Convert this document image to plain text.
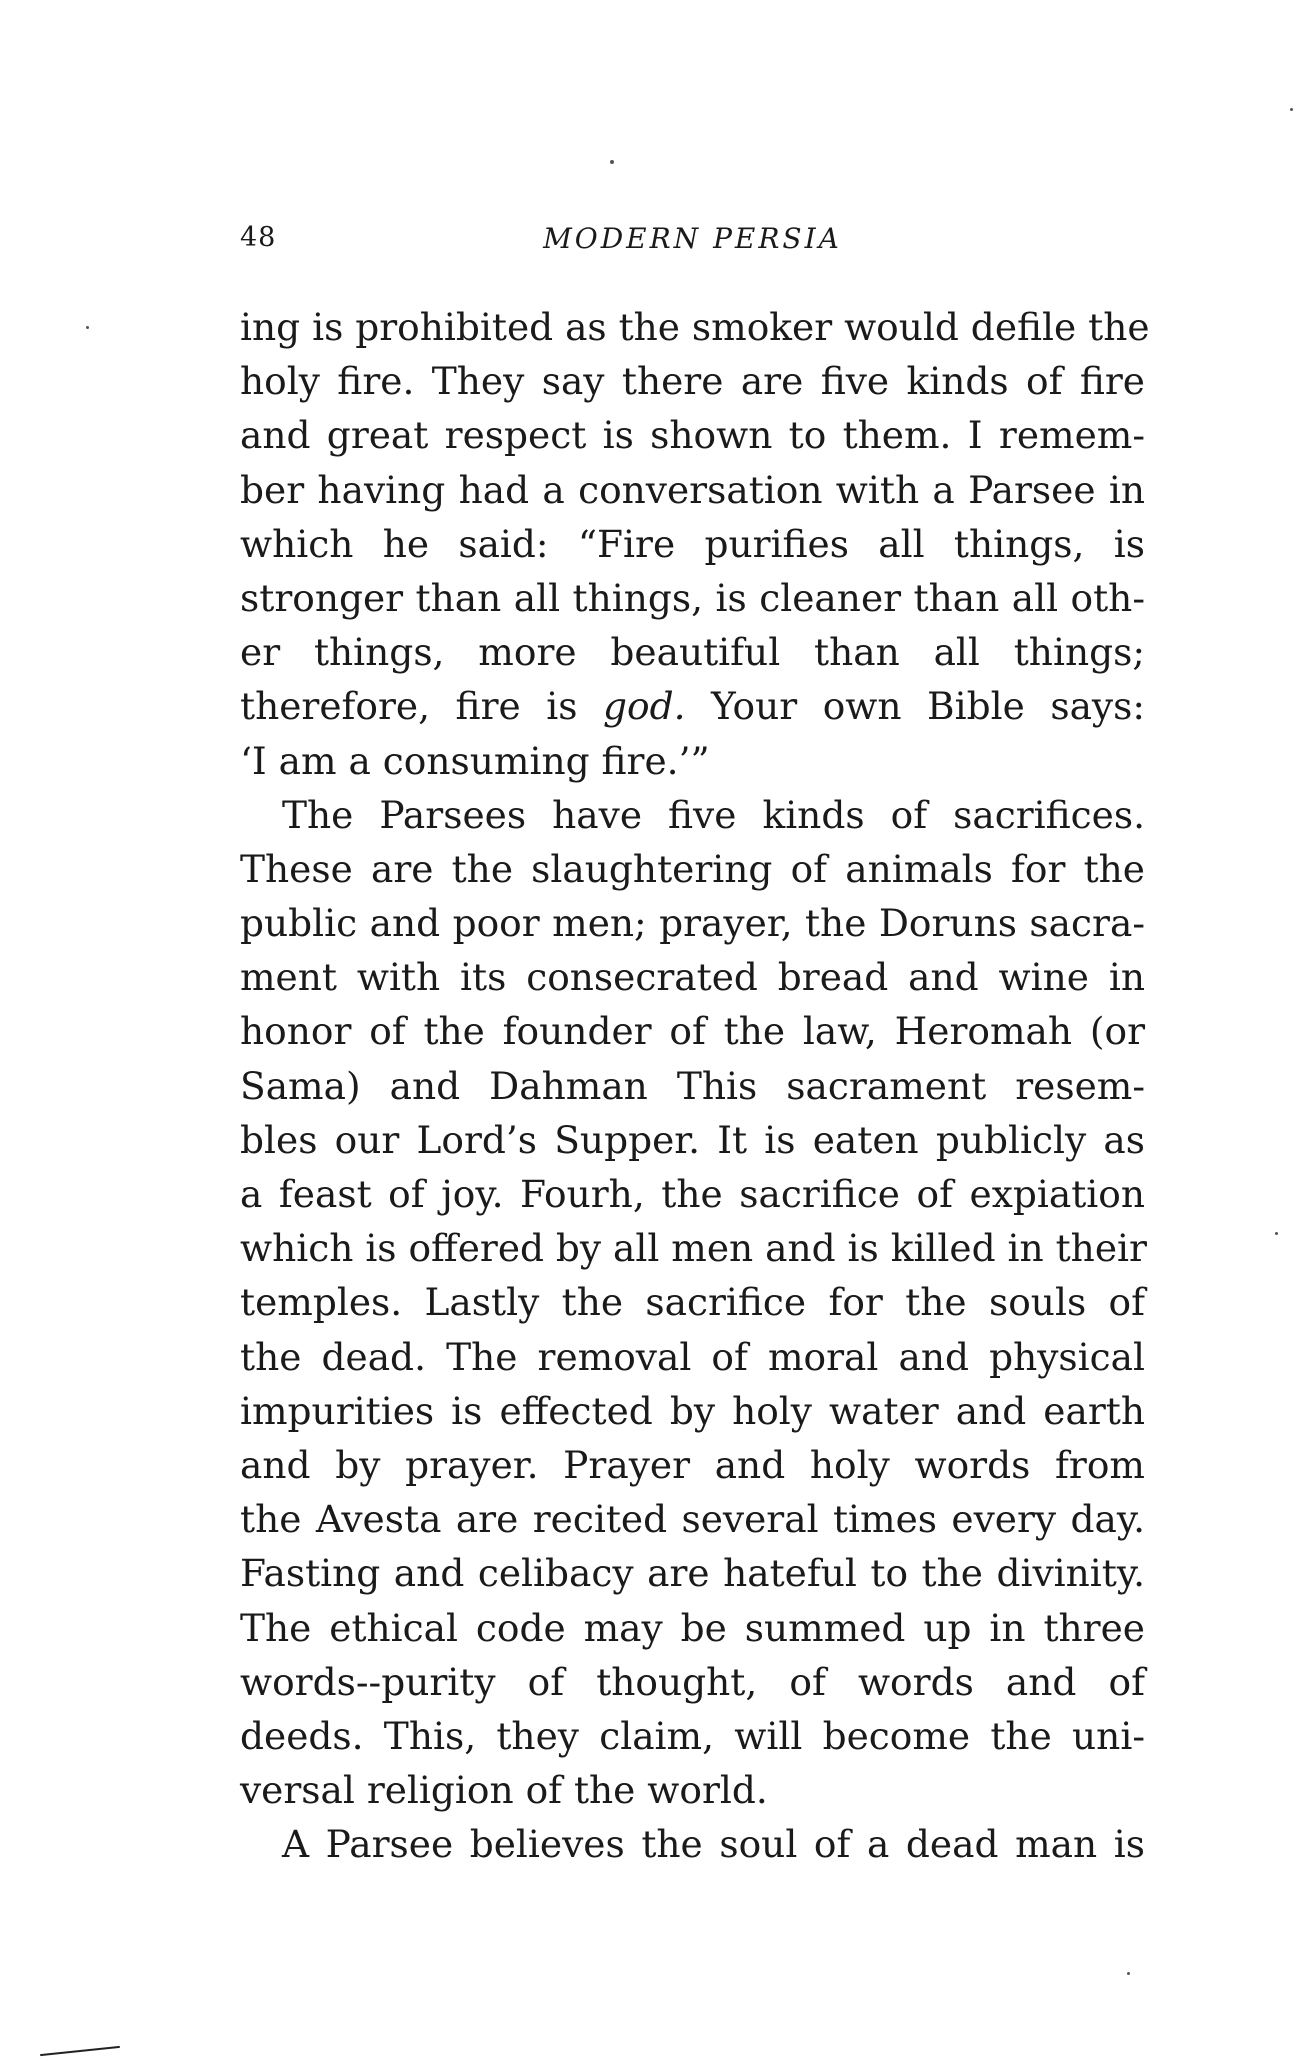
48	MODERN PERSIA
ing is prohibited as the smoker would defile the
holy fire. They say there are five kinds of fire
and great respect is shown to them. I remem-
ber having had a conversation with a Parsee in
which he said: “Fire purifies all things, is
stronger than all things, is cleaner than all oth-
er things, more beautiful than all things;
therefore, fire is god. Your own Bible says:
‘I am a consuming fire.’”
The Parsees have five kinds of sacrifices.
These are the slaughtering of animals for the
public and poor men; prayer, the Doruns sacra-
ment with its consecrated bread and wine in
honor of the founder of the law, Heromah (or
Sama) and Dahman This sacrament resem-
bles our Lord’s Supper. It is eaten publicly as
a feast of joy. Fourh, the sacrifice of expiation
which is offered by all men and is killed in their
temples. Lastly the sacrifice for the souls of
the dead. The removal of moral and physical
impurities is effected by holy water and earth
and by prayer. Prayer and holy words from
the Avesta are recited several times every day.
Fasting and celibacy are hateful to the divinity.
The ethical code may be summed up in three
words--purity of thought, of words and of
deeds. This, they claim, will become the uni-
versal religion of the world.
A Parsee believes the soul of a dead man is
